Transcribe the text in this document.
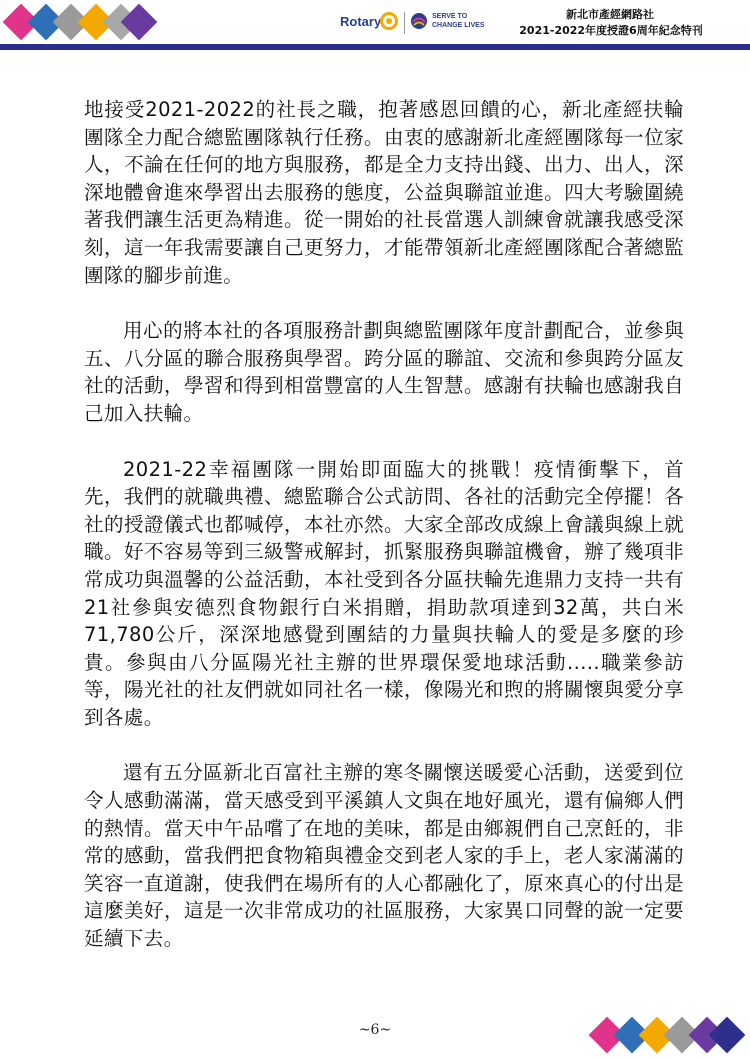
Rotary	SERVE TO
CHANGE LIVES
新北市產經網路社
2021-2022年度授證6周年紀念特刊

地接受2021-2022的社長之職，抱著感恩回饋的心，新北產經扶輪團隊全力配合總監團隊執行任務。由衷的感謝新北產經團隊每一位家人，不論在任何的地方與服務，都是全力支持出錢、出力、出人，深深地體會進來學習出去服務的態度，公益與聯誼並進。四大考驗圍繞著我們讓生活更為精進。從一開始的社長當選人訓練會就讓我感受深刻，這一年我需要讓自己更努力，才能帶領新北產經團隊配合著總監團隊的腳步前進。

用心的將本社的各項服務計劃與總監團隊年度計劃配合，並參與五、八分區的聯合服務與學習。跨分區的聯誼、交流和參與跨分區友社的活動，學習和得到相當豐富的人生智慧。感謝有扶輪也感謝我自己加入扶輪。

2021-22幸福團隊一開始即面臨大的挑戰！疫情衝擊下，首先，我們的就職典禮、總監聯合公式訪問、各社的活動完全停擺！各社的授證儀式也都喊停，本社亦然。大家全部改成線上會議與線上就職。好不容易等到三級警戒解封，抓緊服務與聯誼機會，辦了幾項非常成功與溫馨的公益活動，本社受到各分區扶輪先進鼎力支持一共有21社參與安德烈食物銀行白米捐贈，捐助款項達到32萬，共白米71,780公斤，深深地感覺到團結的力量與扶輪人的愛是多麼的珍貴。參與由八分區陽光社主辦的世界環保愛地球活動.....職業參訪等，陽光社的社友們就如同社名一樣，像陽光和煦的將關懷與愛分享到各處。

還有五分區新北百富社主辦的寒冬關懷送暖愛心活動，送愛到位令人感動滿滿，當天感受到平溪鎮人文與在地好風光，還有偏鄉人們的熱情。當天中午品嚐了在地的美味，都是由鄉親們自己烹飪的，非常的感動，當我們把食物箱與禮金交到老人家的手上，老人家滿滿的笑容一直道謝，使我們在場所有的人心都融化了，原來真心的付出是這麼美好，這是一次非常成功的社區服務，大家異口同聲的說一定要延續下去。

~6~
